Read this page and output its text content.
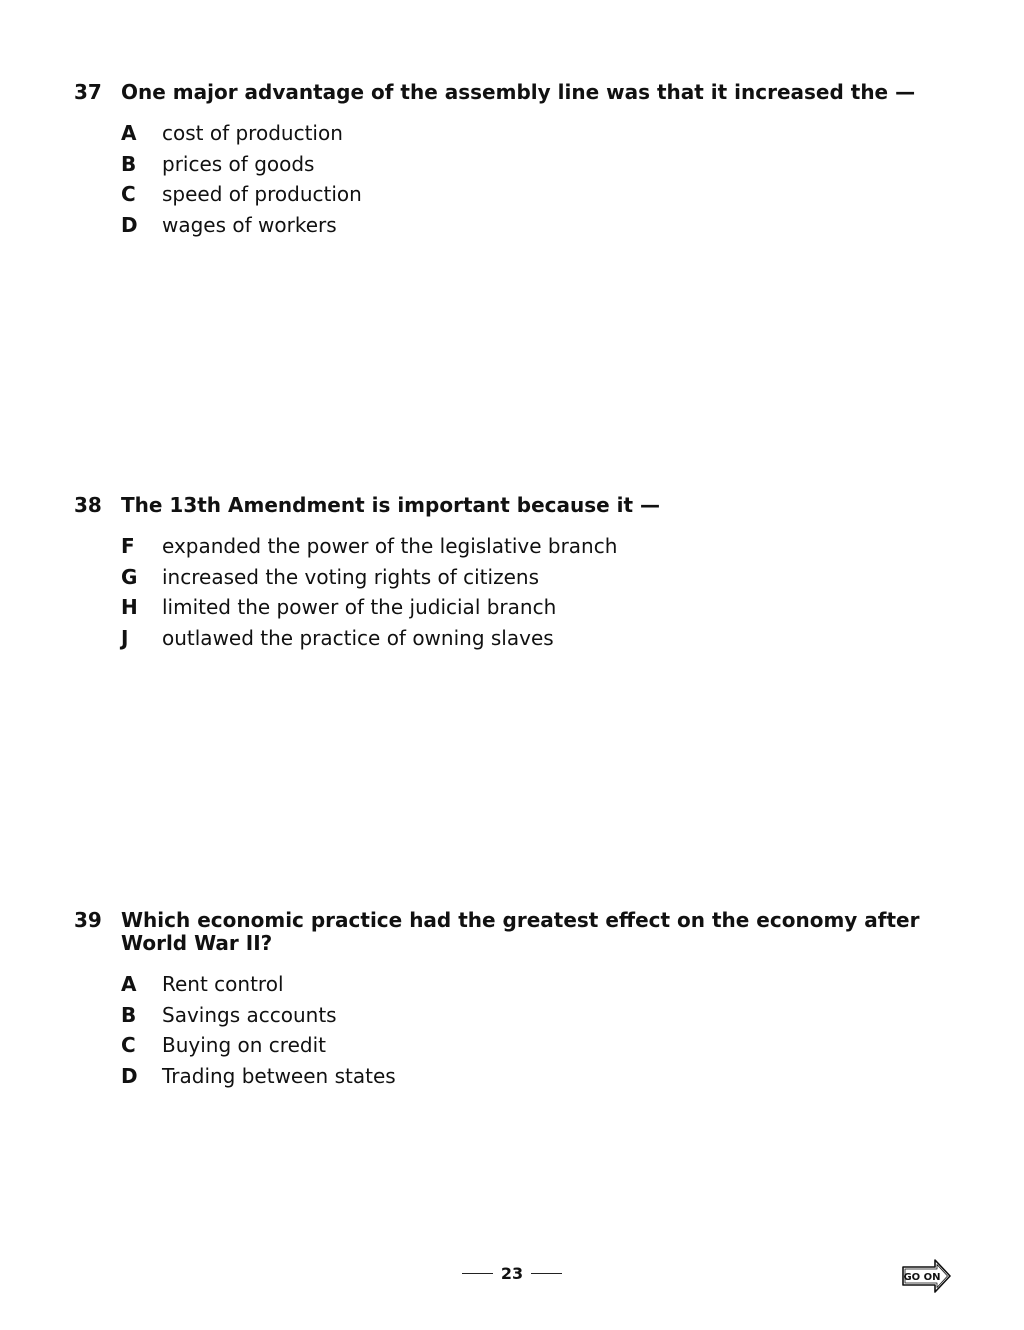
37 One major advantage of the assembly line was that it increased the —
A	cost of production
B	prices of goods
C	speed of production
D	wages of workers
38 The 13th Amendment is important because it —
F	expanded the power of the legislative branch
G	increased the voting rights of citizens
H	limited the power of the judicial branch
J	outlawed the practice of owning slaves
39 Which economic practice had the greatest effect on the economy after World War II?
A	Rent control
B	Savings accounts
C	Buying on credit
D	Trading between states
23	GO ON
